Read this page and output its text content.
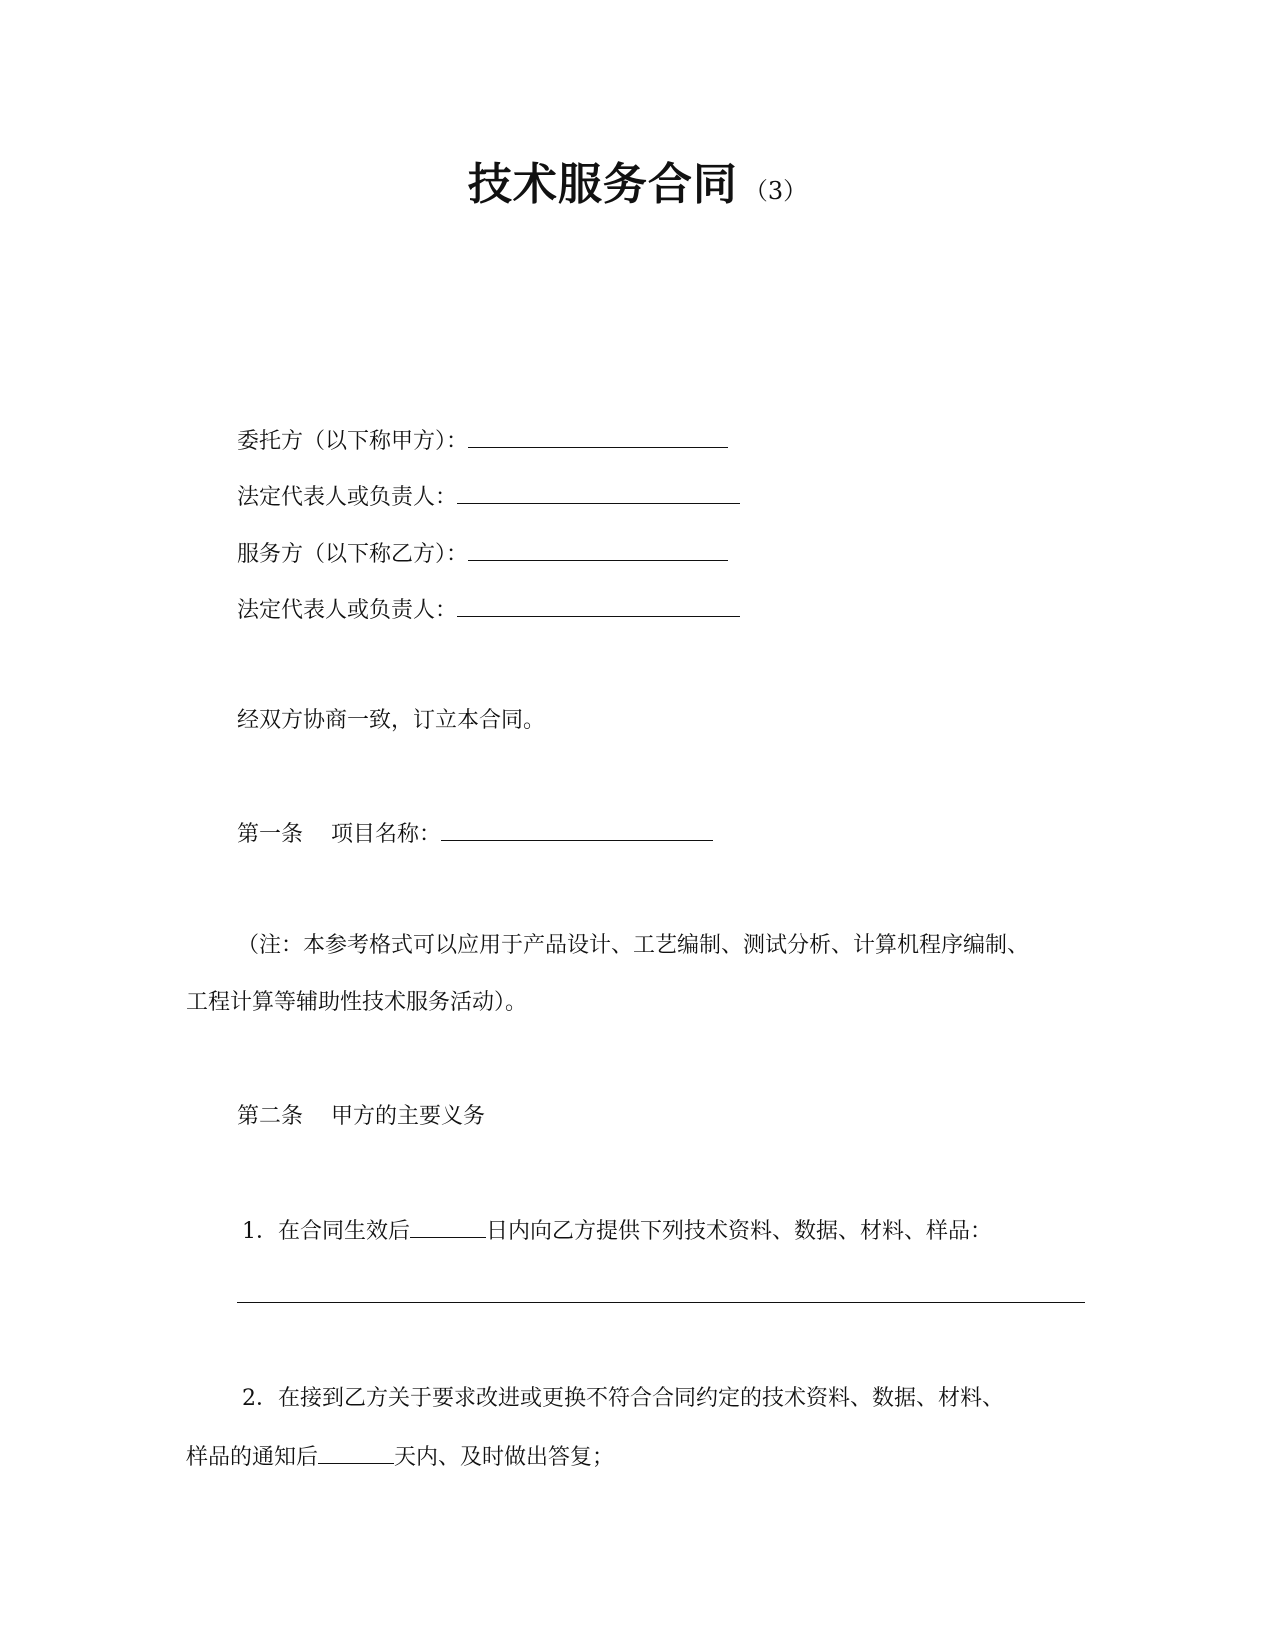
技术服务合同 （3）
委托方（以下称甲方）：
法定代表人或负责人：
服务方（以下称乙方）：
法定代表人或负责人：
经双方协商一致，订立本合同。
第一条 项目名称：
（注：本参考格式可以应用于产品设计、工艺编制、测试分析、计算机程序编制、
工程计算等辅助性技术服务活动）。
第二条 甲方的主要义务
1．在合同生效后	日内向乙方提供下列技术资料、数据、材料、样品：
2．在接到乙方关于要求改进或更换不符合合同约定的技术资料、数据、材料、
样品的通知后	天内、及时做出答复；
